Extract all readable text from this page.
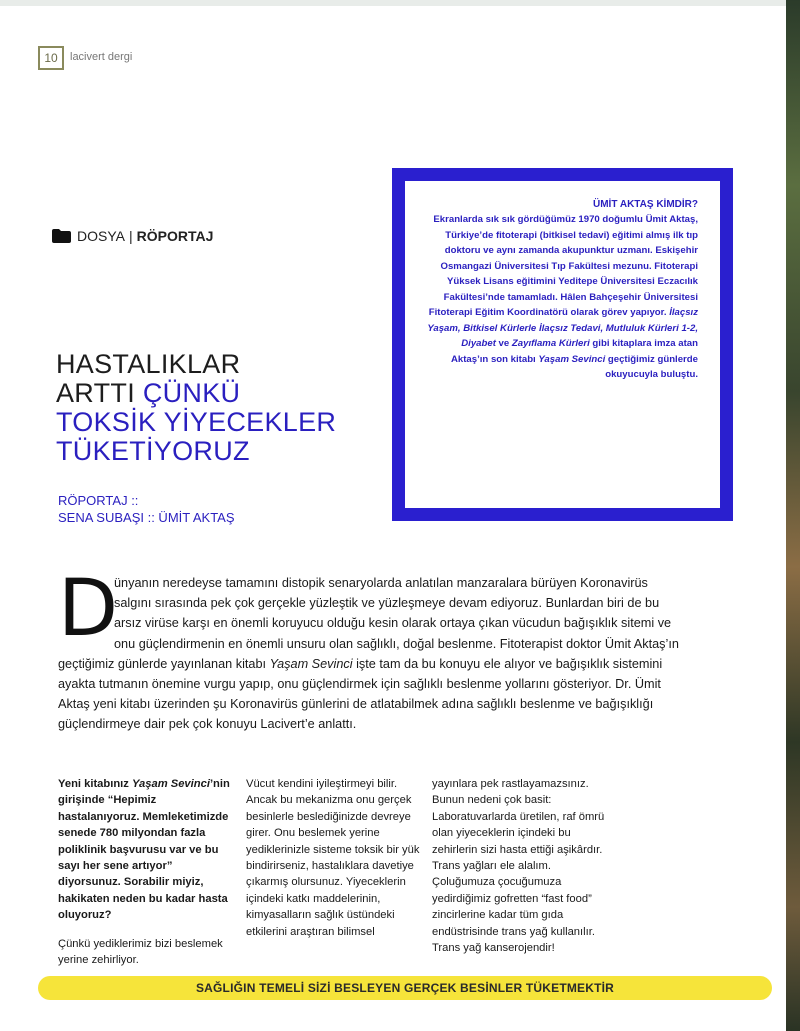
10	lacivert dergi
DOSYA | RÖPORTAJ
HASTALIKLAR
ARTTI ÇÜNKÜ
TOKSİK YİYECEKLER
TÜKETİYORUZ
RÖPORTAJ ::
SENA SUBAŞI :: ÜMİT AKTAŞ
ÜMİT AKTAŞ KİMDİR?

Ekranlarda sık sık gördüğümüz 1970 doğumlu Ümit Aktaş, Türkiye’de fitoterapi (bitkisel tedavi) eğitimi almış ilk tıp doktoru ve aynı zamanda akupunktur uzmanı. Eskişehir Osmangazi Üniversitesi Tıp Fakültesi mezunu. Fitoterapi Yüksek Lisans eğitimini Yeditepe Üniversitesi Eczacılık Fakültesi’nde tamamladı. Hâlen Bahçeşehir Üniversitesi Fitoterapi Eğitim Koordinatörü olarak görev yapıyor. İlaçsız Yaşam, Bitkisel Kürlerle İlaçsız Tedavi, Mutluluk Kürleri 1-2, Diyabet ve Zayıflama Kürleri gibi kitaplara imza atan Aktaş’ın son kitabı Yaşam Sevinci geçtiğimiz günlerde okuyucuyla buluştu.

D
ünyanın neredeyse tamamını distopik senaryolarda anlatılan manzaralara bürüyen Koronavirüs salgını sırasında pek çok gerçekle yüzleştik ve yüzleşmeye devam ediyoruz. Bunlardan biri de bu arsız virüse karşı en önemli koruyucu olduğu kesin olarak ortaya çıkan vücudun bağışıklık sitemi ve onu güçlendirmenin en önemli unsuru olan sağlıklı, doğal beslenme. Fitoterapist doktor Ümit Aktaş’ın geçtiğimiz günlerde yayınlanan kitabı Yaşam Sevinci işte tam da bu konuyu ele alıyor ve bağışıklık sistemini ayakta tutmanın önemine vurgu yapıp, onu güçlendirmek için sağlıklı beslenme yollarını gösteriyor. Dr. Ümit Aktaş yeni kitabı üzerinden şu Koronavirüs günlerini de atlatabilmek adına sağlıklı beslenme ve bağışıklığı güçlendirmeye dair pek çok konuyu Lacivert’e anlattı.

Yeni kitabınız Yaşam Sevinci’nin girişinde “Hepimiz hastalanıyoruz. Memleketimizde senede 780 milyondan fazla poliklinik başvurusu var ve bu sayı her sene artıyor” diyorsunuz. Sorabilir miyiz, hakikaten neden bu kadar hasta oluyoruz?

Çünkü yediklerimiz bizi beslemek yerine zehirliyor.

Vücut kendini iyileştirmeyi bilir. Ancak bu mekanizma onu gerçek besinlerle beslediğinizde devreye girer. Onu beslemek yerine yediklerinizle sisteme toksik bir yük bindirirseniz, hastalıklara davetiye çıkarmış olursunuz. Yiyeceklerin içindeki katkı maddelerinin, kimyasalların sağlık üstündeki etkilerini araştıran bilimsel

yayınlara pek rastlayamazsınız. Bunun nedeni çok basit: Laboratuvarlarda üretilen, raf ömrü olan yiyeceklerin içindeki bu zehirlerin sizi hasta ettiği aşikârdır. Trans yağları ele alalım. Çoluğumuza çocuğumuza yedirdiğimiz gofretten “fast food” zincirlerine kadar tüm gıda endüstrisinde trans yağ kullanılır. Trans yağ kanserojendir!

SAĞLIĞIN TEMELİ SİZİ BESLEYEN GERÇEK BESİNLER TÜKETMEKTİR
